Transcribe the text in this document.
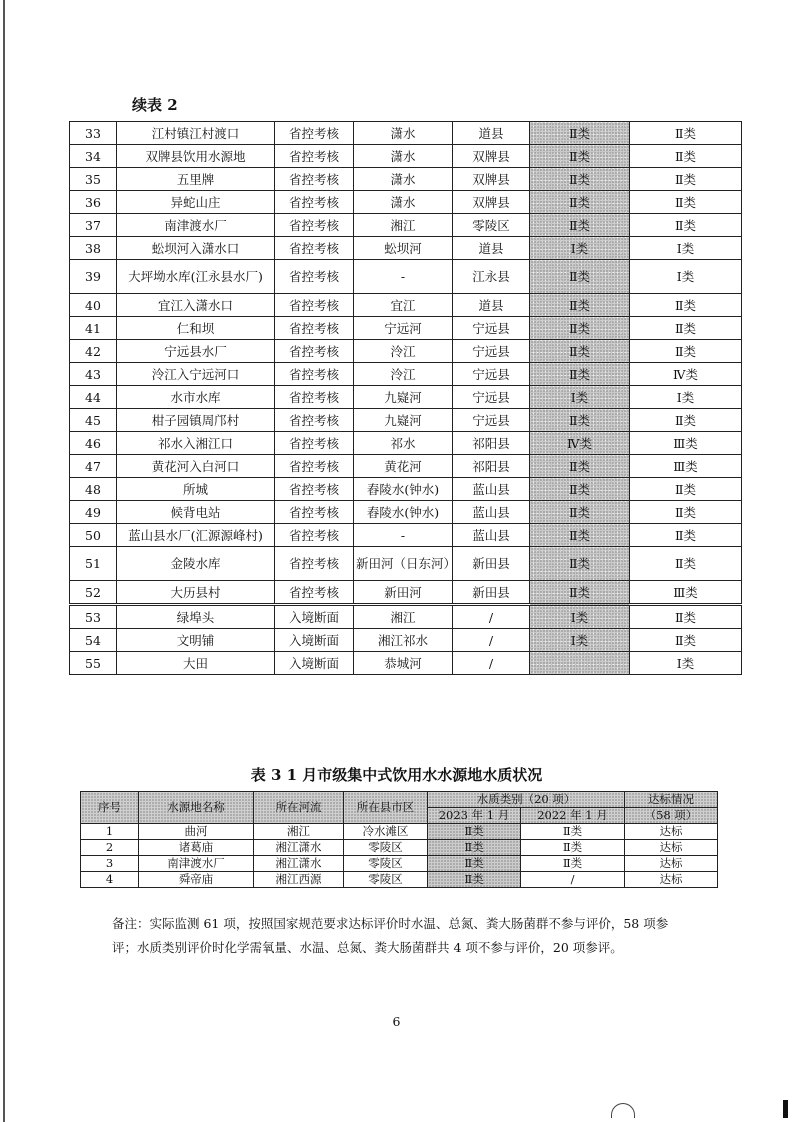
续表 2
33	江村镇江村渡口	省控考核	潇水	道县	Ⅱ类	Ⅱ类
34	双牌县饮用水源地	省控考核	潇水	双牌县	Ⅱ类	Ⅱ类
35	五里牌	省控考核	潇水	双牌县	Ⅱ类	Ⅱ类
36	异蛇山庄	省控考核	潇水	双牌县	Ⅱ类	Ⅱ类
37	南津渡水厂	省控考核	湘江	零陵区	Ⅱ类	Ⅱ类
38	蚣坝河入潇水口	省控考核	蚣坝河	道县	Ⅰ类	Ⅰ类
39	大坪坳水库(江永县水厂)	省控考核	-	江永县	Ⅱ类	Ⅰ类
40	宜江入潇水口	省控考核	宜江	道县	Ⅱ类	Ⅱ类
41	仁和坝	省控考核	宁远河	宁远县	Ⅱ类	Ⅱ类
42	宁远县水厂	省控考核	泠江	宁远县	Ⅱ类	Ⅱ类
43	泠江入宁远河口	省控考核	泠江	宁远县	Ⅱ类	Ⅳ类
44	水市水库	省控考核	九嶷河	宁远县	Ⅰ类	Ⅰ类
45	柑子园镇周邝村	省控考核	九嶷河	宁远县	Ⅱ类	Ⅱ类
46	祁水入湘江口	省控考核	祁水	祁阳县	Ⅳ类	Ⅲ类
47	黄花河入白河口	省控考核	黄花河	祁阳县	Ⅱ类	Ⅲ类
48	所城	省控考核	舂陵水(钟水)	蓝山县	Ⅱ类	Ⅱ类
49	候背电站	省控考核	舂陵水(钟水)	蓝山县	Ⅱ类	Ⅱ类
50	蓝山县水厂(汇源源峰村)	省控考核	-	蓝山县	Ⅱ类	Ⅱ类
51	金陵水库	省控考核	新田河（日东河）	新田县	Ⅱ类	Ⅱ类
52	大历县村	省控考核	新田河	新田县	Ⅱ类	Ⅲ类
53	绿埠头	入境断面	湘江	/	Ⅰ类	Ⅱ类
54	文明铺	入境断面	湘江祁水	/	Ⅰ类	Ⅱ类
55	大田	入境断面	恭城河	/		Ⅰ类
表 3 1 月市级集中式饮用水水源地水质状况
序号	水源地名称	所在河流	所在县市区	水质类别（20 项）		达标情况
				2023 年 1 月	2022 年 1 月	（58 项）
1	曲河	湘江	冷水滩区	Ⅱ类	Ⅱ类	达标
2	诸葛庙	湘江潇水	零陵区	Ⅱ类	Ⅱ类	达标
3	南津渡水厂	湘江潇水	零陵区	Ⅱ类	Ⅱ类	达标
4	舜帝庙	湘江西源	零陵区	Ⅱ类	/	达标
备注：实际监测 61 项，按照国家规范要求达标评价时水温、总氮、粪大肠菌群不参与评价，58 项参评；水质类别评价时化学需氧量、水温、总氮、粪大肠菌群共 4 项不参与评价，20 项参评。
6
